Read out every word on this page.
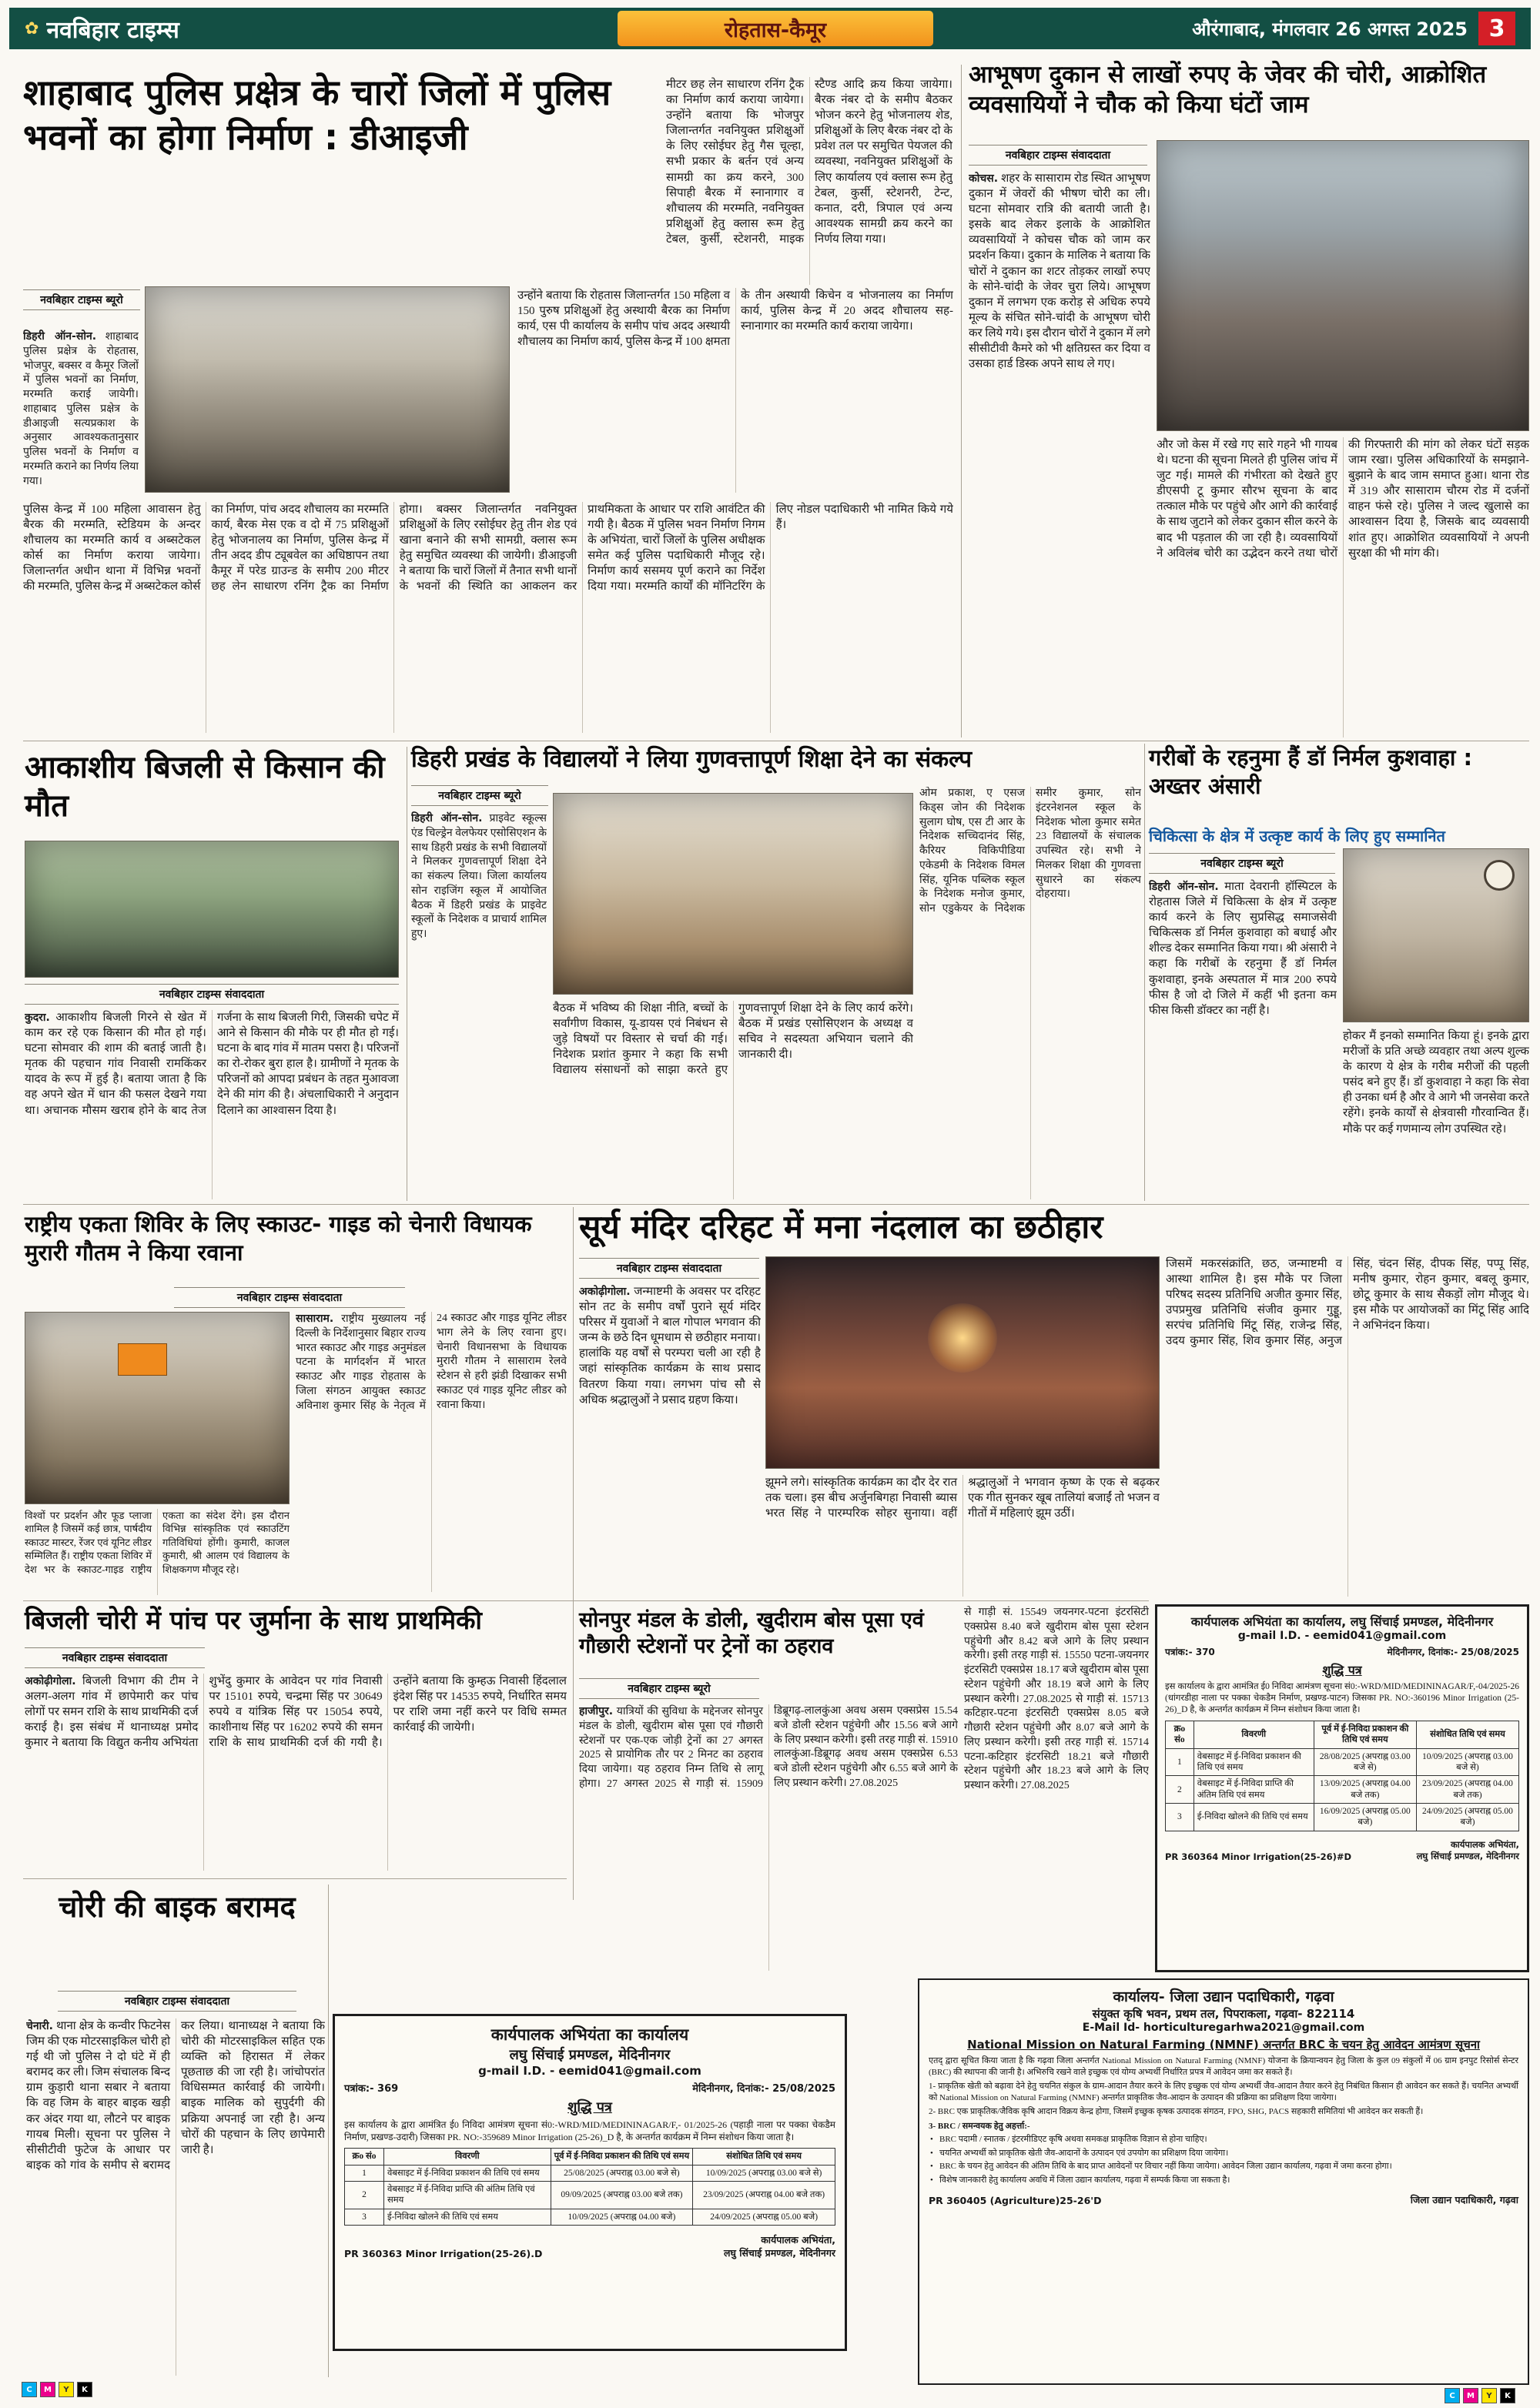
✿ नवबिहार टाइम्स	रोहतास-कैमूर	औरंगाबाद, मंगलवार 26 अगस्त 2025 3
शाहाबाद पुलिस प्रक्षेत्र के चारों जिलों में पुलिस भवनों का होगा निर्माण : डीआइजी
मीटर छह लेन साधारण रनिंग ट्रैक का निर्माण कार्य कराया जायेगा। उन्होंने बताया कि भोजपुर जिलान्तर्गत नवनियुक्त प्रशिक्षुओं के लिए रसोईघर हेतु गैस चूल्हा, सभी प्रकार के बर्तन एवं अन्य सामग्री का क्रय करने, 300 सिपाही बैरक में स्नानागार व शौचालय की मरम्मति, नवनियुक्त प्रशिक्षुओं हेतु क्लास रूम हेतु टेबल, कुर्सी, स्टेशनरी, माइक स्टैण्ड आदि क्रय किया जायेगा। बैरक नंबर दो के समीप बैठकर भोजन करने हेतु भोजनालय शेड, प्रशिक्षुओं के लिए बैरक नंबर दो के प्रवेश तल पर समुचित पेयजल की व्यवस्था, नवनियुक्त प्रशिक्षुओं के लिए कार्यालय एवं क्लास रूम हेतु टेबल, कुर्सी, स्टेशनरी, टेन्ट, कनात, दरी, त्रिपाल एवं अन्य आवश्यक सामग्री क्रय करने का निर्णय लिया गया।
नवबिहार टाइम्स ब्यूरो
डिहरी ऑन-सोन. शाहाबाद पुलिस प्रक्षेत्र के रोहतास, भोजपुर, बक्सर व कैमूर जिलों में पुलिस भवनों का निर्माण, मरम्मति कराई जायेगी। शाहाबाद पुलिस प्रक्षेत्र के डीआइजी सत्यप्रकाश के अनुसार आवश्यकतानुसार पुलिस भवनों के निर्माण व मरम्मति कराने का निर्णय लिया गया।
उन्होंने बताया कि रोहतास जिलान्तर्गत 150 महिला व 150 पुरुष प्रशिक्षुओं हेतु अस्थायी बैरक का निर्माण कार्य, एस पी कार्यालय के समीप पांच अदद अस्थायी शौचालय का निर्माण कार्य, पुलिस केन्द्र में 100 क्षमता के तीन अस्थायी किचेन व भोजनालय का निर्माण कार्य, पुलिस केन्द्र में 20 अदद शौचालय सह-स्नानागार का मरम्मति कार्य कराया जायेगा।
पुलिस केन्द्र में 100 महिला आवासन हेतु बैरक की मरम्मति, स्टेडियम के अन्दर शौचालय का मरम्मति कार्य व अब्सटेकल कोर्स का निर्माण कराया जायेगा। जिलान्तर्गत अधीन थाना में विभिन्न भवनों की मरम्मति, पुलिस केन्द्र में अब्सटेकल कोर्स का निर्माण, पांच अदद शौचालय का मरम्मति कार्य, बैरक मेस एक व दो में 75 प्रशिक्षुओं हेतु भोजनालय का निर्माण, पुलिस केन्द्र में तीन अदद डीप ट्यूबवेल का अधिष्ठापन तथा कैमूर में परेड ग्राउन्ड के समीप 200 मीटर छह लेन साधारण रनिंग ट्रैक का निर्माण होगा। बक्सर जिलान्तर्गत नवनियुक्त प्रशिक्षुओं के लिए रसोईघर हेतु तीन शेड एवं खाना बनाने की सभी सामग्री, क्लास रूम हेतु समुचित व्यवस्था की जायेगी। डीआइजी ने बताया कि चारों जिलों में तैनात सभी थानों के भवनों की स्थिति का आकलन कर प्राथमिकता के आधार पर राशि आवंटित की गयी है। बैठक में पुलिस भवन निर्माण निगम के अभियंता, चारों जिलों के पुलिस अधीक्षक समेत कई पुलिस पदाधिकारी मौजूद रहे। निर्माण कार्य ससमय पूर्ण कराने का निर्देश दिया गया। मरम्मति कार्यों की मॉनिटरिंग के लिए नोडल पदाधिकारी भी नामित किये गये हैं।
आभूषण दुकान से लाखों रुपए के जेवर की चोरी, आक्रोशित व्यवसायियों ने चौक को किया घंटों जाम
नवबिहार टाइम्स संवाददाता
कोचस. शहर के सासाराम रोड स्थित आभूषण दुकान में जेवरों की भीषण चोरी का ली। घटना सोमवार रात्रि की बतायी जाती है। इसके बाद लेकर इलाके के आक्रोशित व्यवसायियों ने कोचस चौक को जाम कर प्रदर्शन किया। दुकान के मालिक ने बताया कि चोरों ने दुकान का शटर तोड़कर लाखों रुपए के सोने-चांदी के जेवर चुरा लिये। आभूषण दुकान में लगभग एक करोड़ से अधिक रुपये मूल्य के संचित सोने-चांदी के आभूषण चोरी कर लिये गये। इस दौरान चोरों ने दुकान में लगे सीसीटीवी कैमरे को भी क्षतिग्रस्त कर दिया व उसका हार्ड डिस्क अपने साथ ले गए।
और जो केस में रखे गए सारे गहने भी गायब थे। घटना की सूचना मिलते ही पुलिस जांच में जुट गई। मामले की गंभीरता को देखते हुए डीएसपी टू कुमार सौरभ सूचना के बाद तत्काल मौके पर पहुंचे और आगे की कार्रवाई के साथ जुटाने को लेकर दुकान सील करने के बाद भी पड़ताल की जा रही है। व्यवसायियों ने अविलंब चोरी का उद्भेदन करने तथा चोरों की गिरफ्तारी की मांग को लेकर घंटों सड़क जाम रखा। पुलिस अधिकारियों के समझाने-बुझाने के बाद जाम समाप्त हुआ। थाना रोड में 319 और सासाराम चौरम रोड में दर्जनों वाहन फंसे रहे। पुलिस ने जल्द खुलासे का आश्वासन दिया है, जिसके बाद व्यवसायी शांत हुए। आक्रोशित व्यवसायियों ने अपनी सुरक्षा की भी मांग की।
आकाशीय बिजली से किसान की मौत
नवबिहार टाइम्स संवाददाता
कुदरा. आकाशीय बिजली गिरने से खेत में काम कर रहे एक किसान की मौत हो गई। घटना सोमवार की शाम की बताई जाती है। मृतक की पहचान गांव निवासी रामकिंकर यादव के रूप में हुई है। बताया जाता है कि वह अपने खेत में धान की फसल देखने गया था। अचानक मौसम खराब होने के बाद तेज गर्जना के साथ बिजली गिरी, जिसकी चपेट में आने से किसान की मौके पर ही मौत हो गई। घटना के बाद गांव में मातम पसरा है। परिजनों का रो-रोकर बुरा हाल है। ग्रामीणों ने मृतक के परिजनों को आपदा प्रबंधन के तहत मुआवजा देने की मांग की है। अंचलाधिकारी ने अनुदान दिलाने का आश्वासन दिया है।
डिहरी प्रखंड के विद्यालयों ने लिया गुणवत्तापूर्ण शिक्षा देने का संकल्प
नवबिहार टाइम्स ब्यूरो
डिहरी ऑन-सोन. प्राइवेट स्कूल्स एंड चिल्ड्रेन वेलफेयर एसोसिएशन के साथ डिहरी प्रखंड के सभी विद्यालयों ने मिलकर गुणवत्तापूर्ण शिक्षा देने का संकल्प लिया। जिला कार्यालय सोन राइजिंग स्कूल में आयोजित बैठक में डिहरी प्रखंड के प्राइवेट स्कूलों के निदेशक व प्राचार्य शामिल हुए।
ओम प्रकाश, ए एसज किड्स जोन की निदेशक सुलाग घोष, एस टी आर के निदेशक सच्चिदानंद सिंह, कैरियर विकिपीडिया एकेडमी के निदेशक विमल सिंह, यूनिक पब्लिक स्कूल के निदेशक मनोज कुमार, सोन एडुकेयर के निदेशक समीर कुमार, सोन इंटरनेशनल स्कूल के निदेशक भोला कुमार समेत 23 विद्यालयों के संचालक उपस्थित रहे। सभी ने मिलकर शिक्षा की गुणवत्ता सुधारने का संकल्प दोहराया।
बैठक में भविष्य की शिक्षा नीति, बच्चों के सर्वांगीण विकास, यू-डायस एवं निबंधन से जुड़े विषयों पर विस्तार से चर्चा की गई। निदेशक प्रशांत कुमार ने कहा कि सभी विद्यालय संसाधनों को साझा करते हुए गुणवत्तापूर्ण शिक्षा देने के लिए कार्य करेंगे। बैठक में प्रखंड एसोसिएशन के अध्यक्ष व सचिव ने सदस्यता अभियान चलाने की जानकारी दी।
गरीबों के रहनुमा हैं डॉ निर्मल कुशवाहा : अख्तर अंसारी
चिकित्सा के क्षेत्र में उत्कृष्ट कार्य के लिए हुए सम्मानित
नवबिहार टाइम्स ब्यूरो
डिहरी ऑन-सोन. माता देवरानी हॉस्पिटल के रोहतास जिले में चिकित्सा के क्षेत्र में उत्कृष्ट कार्य करने के लिए सुप्रसिद्ध समाजसेवी चिकित्सक डॉ निर्मल कुशवाहा को बधाई और शील्ड देकर सम्मानित किया गया। श्री अंसारी ने कहा कि गरीबों के रहनुमा हैं डॉ निर्मल कुशवाहा, इनके अस्पताल में मात्र 200 रुपये फीस है जो दो जिले में कहीं भी इतना कम फीस किसी डॉक्टर का नहीं है।
होकर मैं इनको सम्मानित किया हूं। इनके द्वारा मरीजों के प्रति अच्छे व्यवहार तथा अल्प शुल्क के कारण ये क्षेत्र के गरीब मरीजों की पहली पसंद बने हुए हैं। डॉ कुशवाहा ने कहा कि सेवा ही उनका धर्म है और वे आगे भी जनसेवा करते रहेंगे। इनके कार्यों से क्षेत्रवासी गौरवान्वित हैं। मौके पर कई गणमान्य लोग उपस्थित रहे।
राष्ट्रीय एकता शिविर के लिए स्काउट- गाइड को चेनारी विधायक मुरारी गौतम ने किया रवाना
नवबिहार टाइम्स संवाददाता
सासाराम. राष्ट्रीय मुख्यालय नई दिल्ली के निर्देशानुसार बिहार राज्य भारत स्काउट और गाइड अनुमंडल पटना के मार्गदर्शन में भारत स्काउट और गाइड रोहतास के जिला संगठन आयुक्त स्काउट अविनाश कुमार सिंह के नेतृत्व में 24 स्काउट और गाइड यूनिट लीडर भाग लेने के लिए रवाना हुए। चेनारी विधानसभा के विधायक मुरारी गौतम ने सासाराम रेलवे स्टेशन से हरी झंडी दिखाकर सभी स्काउट एवं गाइड यूनिट लीडर को रवाना किया।
विश्वों पर प्रदर्शन और फूड प्लाजा शामिल है जिसमें कई छात्र, पार्षदीय स्काउट मास्टर, रेंजर एवं यूनिट लीडर सम्मिलित हैं। राष्ट्रीय एकता शिविर में देश भर के स्काउट-गाइड राष्ट्रीय एकता का संदेश देंगे। इस दौरान विभिन्न सांस्कृतिक एवं स्काउटिंग गतिविधियां होंगी। कुमारी, काजल कुमारी, श्री आलम एवं विद्यालय के शिक्षकगण मौजूद रहे।
सूर्य मंदिर दरिहट में मना नंदलाल का छठीहार
नवबिहार टाइम्स संवाददाता
अकोढ़ीगोला. जन्माष्टमी के अवसर पर दरिहट सोन तट के समीप वर्षों पुराने सूर्य मंदिर परिसर में युवाओं ने बाल गोपाल भगवान की जन्म के छठे दिन धूमधाम से छठीहार मनाया। हालांकि यह वर्षों से परम्परा चली आ रही है जहां सांस्कृतिक कार्यक्रम के साथ प्रसाद वितरण किया गया। लगभग पांच सौ से अधिक श्रद्धालुओं ने प्रसाद ग्रहण किया।
जिसमें मकरसंक्रांति, छठ, जन्माष्टमी व आस्था शामिल है। इस मौके पर जिला परिषद सदस्य प्रतिनिधि अजीत कुमार सिंह, उपप्रमुख प्रतिनिधि संजीव कुमार गुड्डू, सरपंच प्रतिनिधि मिंटू सिंह, राजेन्द्र सिंह, उदय कुमार सिंह, शिव कुमार सिंह, अनुज सिंह, चंदन सिंह, दीपक सिंह, पप्पू सिंह, मनीष कुमार, रोहन कुमार, बबलू कुमार, छोटू कुमार के साथ सैकड़ों लोग मौजूद थे। इस मौके पर आयोजकों का मिंटू सिंह आदि ने अभिनंदन किया।
झूमने लगे। सांस्कृतिक कार्यक्रम का दौर देर रात तक चला। इस बीच अर्जुनबिगहा निवासी ब्यास भरत सिंह ने पारम्परिक सोहर सुनाया। वहीं श्रद्धालुओं ने भगवान कृष्ण के एक से बढ़कर एक गीत सुनकर खूब तालियां बजाईं तो भजन व गीतों में महिलाएं झूम उठीं।
सोनपुर मंडल के डोली, खुदीराम बोस पूसा एवं गौछारी स्टेशनों पर ट्रेनों का ठहराव
नवबिहार टाइम्स ब्यूरो
हाजीपुर. यात्रियों की सुविधा के मद्देनजर सोनपुर मंडल के डोली, खुदीराम बोस पूसा एवं गौछारी स्टेशनों पर एक-एक जोड़ी ट्रेनों का 27 अगस्त 2025 से प्रायोगिक तौर पर 2 मिनट का ठहराव दिया जायेगा। यह ठहराव निम्न तिथि से लागू होगा। 27 अगस्त 2025 से गाड़ी सं. 15909 डिब्रूगढ़-लालकुंआ अवध असम एक्सप्रेस 15.54 बजे डोली स्टेशन पहुंचेगी और 15.56 बजे आगे के लिए प्रस्थान करेगी। इसी तरह गाड़ी सं. 15910 लालकुंआ-डिब्रूगढ़ अवध असम एक्सप्रेस 6.53 बजे डोली स्टेशन पहुंचेगी और 6.55 बजे आगे के लिए प्रस्थान करेगी। 27.08.2025
से गाड़ी सं. 15549 जयनगर-पटना इंटरसिटी एक्सप्रेस 8.40 बजे खुदीराम बोस पूसा स्टेशन पहुंचेगी और 8.42 बजे आगे के लिए प्रस्थान करेगी। इसी तरह गाड़ी सं. 15550 पटना-जयनगर इंटरसिटी एक्सप्रेस 18.17 बजे खुदीराम बोस पूसा स्टेशन पहुंचेगी और 18.19 बजे आगे के लिए प्रस्थान करेगी। 27.08.2025 से गाड़ी सं. 15713 कटिहार-पटना इंटरसिटी एक्सप्रेस 8.05 बजे गौछारी स्टेशन पहुंचेगी और 8.07 बजे आगे के लिए प्रस्थान करेगी। इसी तरह गाड़ी सं. 15714 पटना-कटिहार इंटरसिटी 18.21 बजे गौछारी स्टेशन पहुंचेगी और 18.23 बजे आगे के लिए प्रस्थान करेगी। 27.08.2025
बिजली चोरी में पांच पर जुर्माना के साथ प्राथमिकी
नवबिहार टाइम्स संवाददाता
अकोढ़ीगोला. बिजली विभाग की टीम ने अलग-अलग गांव में छापेमारी कर पांच लोगों पर समन राशि के साथ प्राथमिकी दर्ज कराई है। इस संबंध में थानाध्यक्ष प्रमोद कुमार ने बताया कि विद्युत कनीय अभियंता शुभेंदु कुमार के आवेदन पर गांव निवासी पर 15101 रुपये, चन्द्रमा सिंह पर 30649 रुपये व यांत्रिक सिंह पर 15054 रुपये, काशीनाथ सिंह पर 16202 रुपये की समन राशि के साथ प्राथमिकी दर्ज की गयी है। उन्होंने बताया कि कुम्हऊ निवासी हिंदलाल इंदेश सिंह पर 14535 रुपये, निर्धारित समय पर राशि जमा नहीं करने पर विधि सम्मत कार्रवाई की जायेगी।
चोरी की बाइक बरामद
नवबिहार टाइम्स संवाददाता
चेनारी. थाना क्षेत्र के कन्वीर फिटनेस जिम की एक मोटरसाइकिल चोरी हो गई थी जो पुलिस ने दो घंटे में ही बरामद कर ली। जिम संचालक बिन्द ग्राम कुड़ारी थाना सबार ने बताया कि वह जिम के बाहर बाइक खड़ी कर अंदर गया था, लौटने पर बाइक गायब मिली। सूचना पर पुलिस ने सीसीटीवी फुटेज के आधार पर बाइक को गांव के समीप से बरामद कर लिया। थानाध्यक्ष ने बताया कि चोरी की मोटरसाइकिल सहित एक व्यक्ति को हिरासत में लेकर पूछताछ की जा रही है। जांचोपरांत विधिसम्मत कार्रवाई की जायेगी। बाइक मालिक को सुपुर्दगी की प्रक्रिया अपनाई जा रही है। अन्य चोरों की पहचान के लिए छापेमारी जारी है।
कार्यपालक अभियंता का कार्यालय
लघु सिंचाई प्रमण्डल, मेदिनीनगर
g-mail I.D. - eemid041@gmail.com
पत्रांक:- 369	मेदिनीनगर, दिनांक:- 25/08/2025
शुद्धि पत्र
इस कार्यालय के द्वारा आमंत्रित ई0 निविदा आमंत्रण सूचना सं0:-WRD/MID/MEDININAGAR/F,- 01/2025-26 (पहाड़ी नाला पर पक्का चेकडैम निर्माण, प्रखण्ड-उदारी) जिसका PR. NO:-359689 Minor Irrigation (25-26)_D है, के अन्तर्गत कार्यक्रम में निम्न संशोधन किया जाता है।
क्रo संo	विवरणी	पूर्व में ई-निविदा प्रकाशन की तिथि एवं समय	संशोधित तिथि एवं समय
1	वेबसाइट में ई-निविदा प्रकाशन की तिथि एवं समय	25/08/2025 (अपराह्न 03.00 बजे से)	10/09/2025 (अपराह्न 03.00 बजे से)
2	वेबसाइट में ई-निविदा प्राप्ति की अंतिम तिथि एवं समय	09/09/2025 (अपराह्न 03.00 बजे तक)	23/09/2025 (अपराह्न 04.00 बजे तक)
3	ई-निविदा खोलने की तिथि एवं समय	10/09/2025 (अपराह्न 04.00 बजे)	24/09/2025 (अपराह्न 05.00 बजे)
PR 360363 Minor Irrigation(25-26).D
कार्यपालक अभियंता,
लघु सिंचाई प्रमण्डल, मेदिनीनगर
कार्यपालक अभियंता का कार्यालय, लघु सिंचाई प्रमण्डल, मेदिनीनगर
g-mail I.D. - eemid041@gmail.com
पत्रांक:- 370	मेदिनीनगर, दिनांक:- 25/08/2025
शुद्धि पत्र
इस कार्यालय के द्वारा आमंत्रित ई0 निविदा आमंत्रण सूचना सं0:-WRD/MID/MEDININAGAR/F,-04/2025-26 (धांगरडीहा नाला पर पक्का चेकडैम निर्माण, प्रखण्ड-पाटन) जिसका PR. NO:-360196 Minor Irrigation (25-26)_D है, के अन्तर्गत कार्यक्रम में निम्न संशोधन किया जाता है।
क्रo संo	विवरणी	पूर्व में ई-निविदा प्रकाशन की तिथि एवं समय	संशोधित तिथि एवं समय
1	वेबसाइट में ई-निविदा प्रकाशन की तिथि एवं समय	28/08/2025 (अपराह्न 03.00 बजे से)	10/09/2025 (अपराह्न 03.00 बजे से)
2	वेबसाइट में ई-निविदा प्राप्ति की अंतिम तिथि एवं समय	13/09/2025 (अपराह्न 04.00 बजे तक)	23/09/2025 (अपराह्न 04.00 बजे तक)
3	ई-निविदा खोलने की तिथि एवं समय	16/09/2025 (अपराह्न 05.00 बजे)	24/09/2025 (अपराह्न 05.00 बजे)
PR 360364 Minor Irrigation(25-26)#D
कार्यपालक अभियंता,
लघु सिंचाई प्रमण्डल, मेदिनीनगर
कार्यालय- जिला उद्यान पदाधिकारी, गढ़वा
संयुक्त कृषि भवन, प्रथम तल, पिपराकला, गढ़वा- 822114
E-Mail Id- horticulturegarhwa2021@gmail.com
National Mission on Natural Farming (NMNF) अन्तर्गत BRC के चयन हेतु आवेदन आमंत्रण सूचना
एतद् द्वारा सूचित किया जाता है कि गढ़वा जिला अन्तर्गत National Mission on Natural Farming (NMNF) योजना के क्रियान्वयन हेतु जिला के कुल 09 संकुलों में 06 ग्राम इनपुट रिसोर्स सेन्टर (BRC) की स्थापना की जानी है। अभिरुचि रखने वाले इच्छुक एवं योग्य अभ्यर्थी निर्धारित प्रपत्र में आवेदन जमा कर सकते हैं।
1- प्राकृतिक खेती को बढ़ावा देने हेतु चयनित संकुल के ग्राम-आदान तैयार करने के लिए इच्छुक एवं योग्य अभ्यर्थी जैव-आदान तैयार करने हेतु निबंधित किसान ही आवेदन कर सकते हैं। चयनित अभ्यर्थी को National Mission on Natural Farming (NMNF) अन्तर्गत प्राकृतिक जैव-आदान के उत्पादन की प्रक्रिया का प्रशिक्षण दिया जायेगा।
2- BRC एक प्राकृतिक/जैविक कृषि आदान विक्रय केन्द्र होगा, जिसमें इच्छुक कृषक उत्पादक संगठन, FPO, SHG, PACS सहकारी समितियां भी आवेदन कर सकती हैं।
3- BRC / समन्वयक हेतु अहर्त्ता:-
• BRC पदामी / स्नातक / इंटरमीडिएट कृषि अथवा समकक्ष प्राकृतिक विज्ञान से होना चाहिए।
• चयनित अभ्यर्थी को प्राकृतिक खेती जैव-आदानों के उत्पादन एवं उपयोग का प्रशिक्षण दिया जायेगा।
• BRC के चयन हेतु आवेदन की अंतिम तिथि के बाद प्राप्त आवेदनों पर विचार नहीं किया जायेगा। आवेदन जिला उद्यान कार्यालय, गढ़वा में जमा करना होगा।
• विशेष जानकारी हेतु कार्यालय अवधि में जिला उद्यान कार्यालय, गढ़वा में सम्पर्क किया जा सकता है।
PR 360405 (Agriculture)25-26'D	जिला उद्यान पदाधिकारी, गढ़वा
C	M	Y	K
C	M	Y	K
